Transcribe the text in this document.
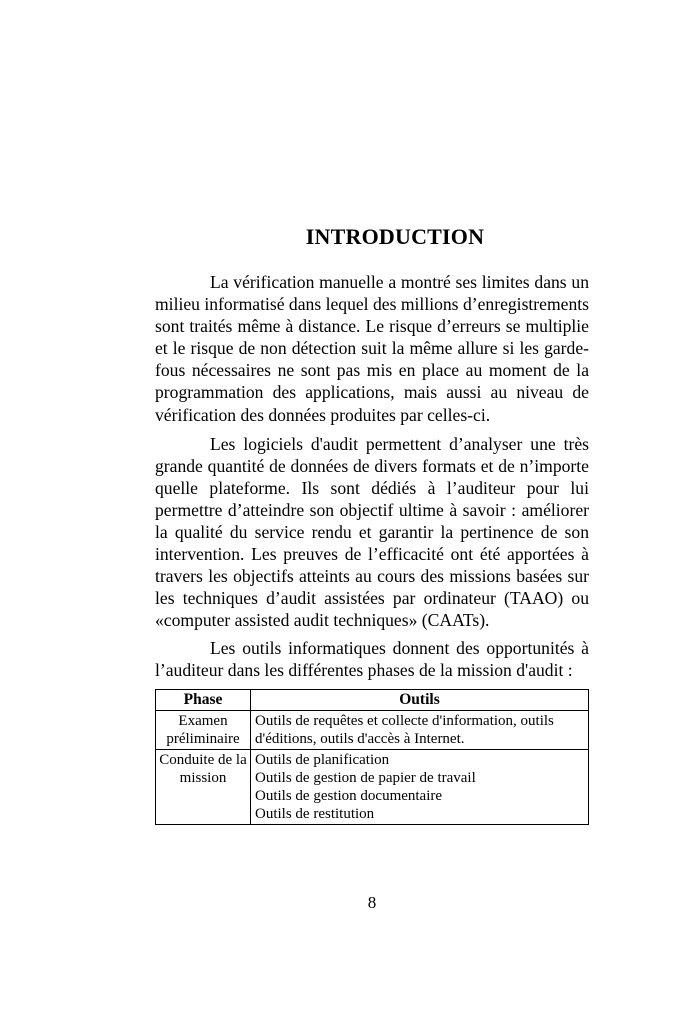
INTRODUCTION

La vérification manuelle a montré ses limites dans un milieu informatisé dans lequel des millions d’enregistrements sont traités même à distance. Le risque d’erreurs se multiplie et le risque de non détection suit la même allure si les garde-fous nécessaires ne sont pas mis en place au moment de la programmation des applications, mais aussi au niveau de vérification des données produites par celles-ci.

Les logiciels d'audit permettent d’analyser une très grande quantité de données de divers formats et de n’importe quelle plateforme. Ils sont dédiés à l’auditeur pour lui permettre d’atteindre son objectif ultime à savoir : améliorer la qualité du service rendu et garantir la pertinence de son intervention. Les preuves de l’efficacité ont été apportées à travers les objectifs atteints au cours des missions basées sur les techniques d’audit assistées par ordinateur (TAAO) ou «computer assisted audit techniques» (CAATs).

Les outils informatiques donnent des opportunités à l’auditeur dans les différentes phases de la mission d'audit :

Phase	Outils
Examen préliminaire	Outils de requêtes et collecte d'information, outils d'éditions, outils d'accès à Internet.

Conduite de la mission	Outils de planification
Outils de gestion de papier de travail
Outils de gestion documentaire
Outils de restitution
8
